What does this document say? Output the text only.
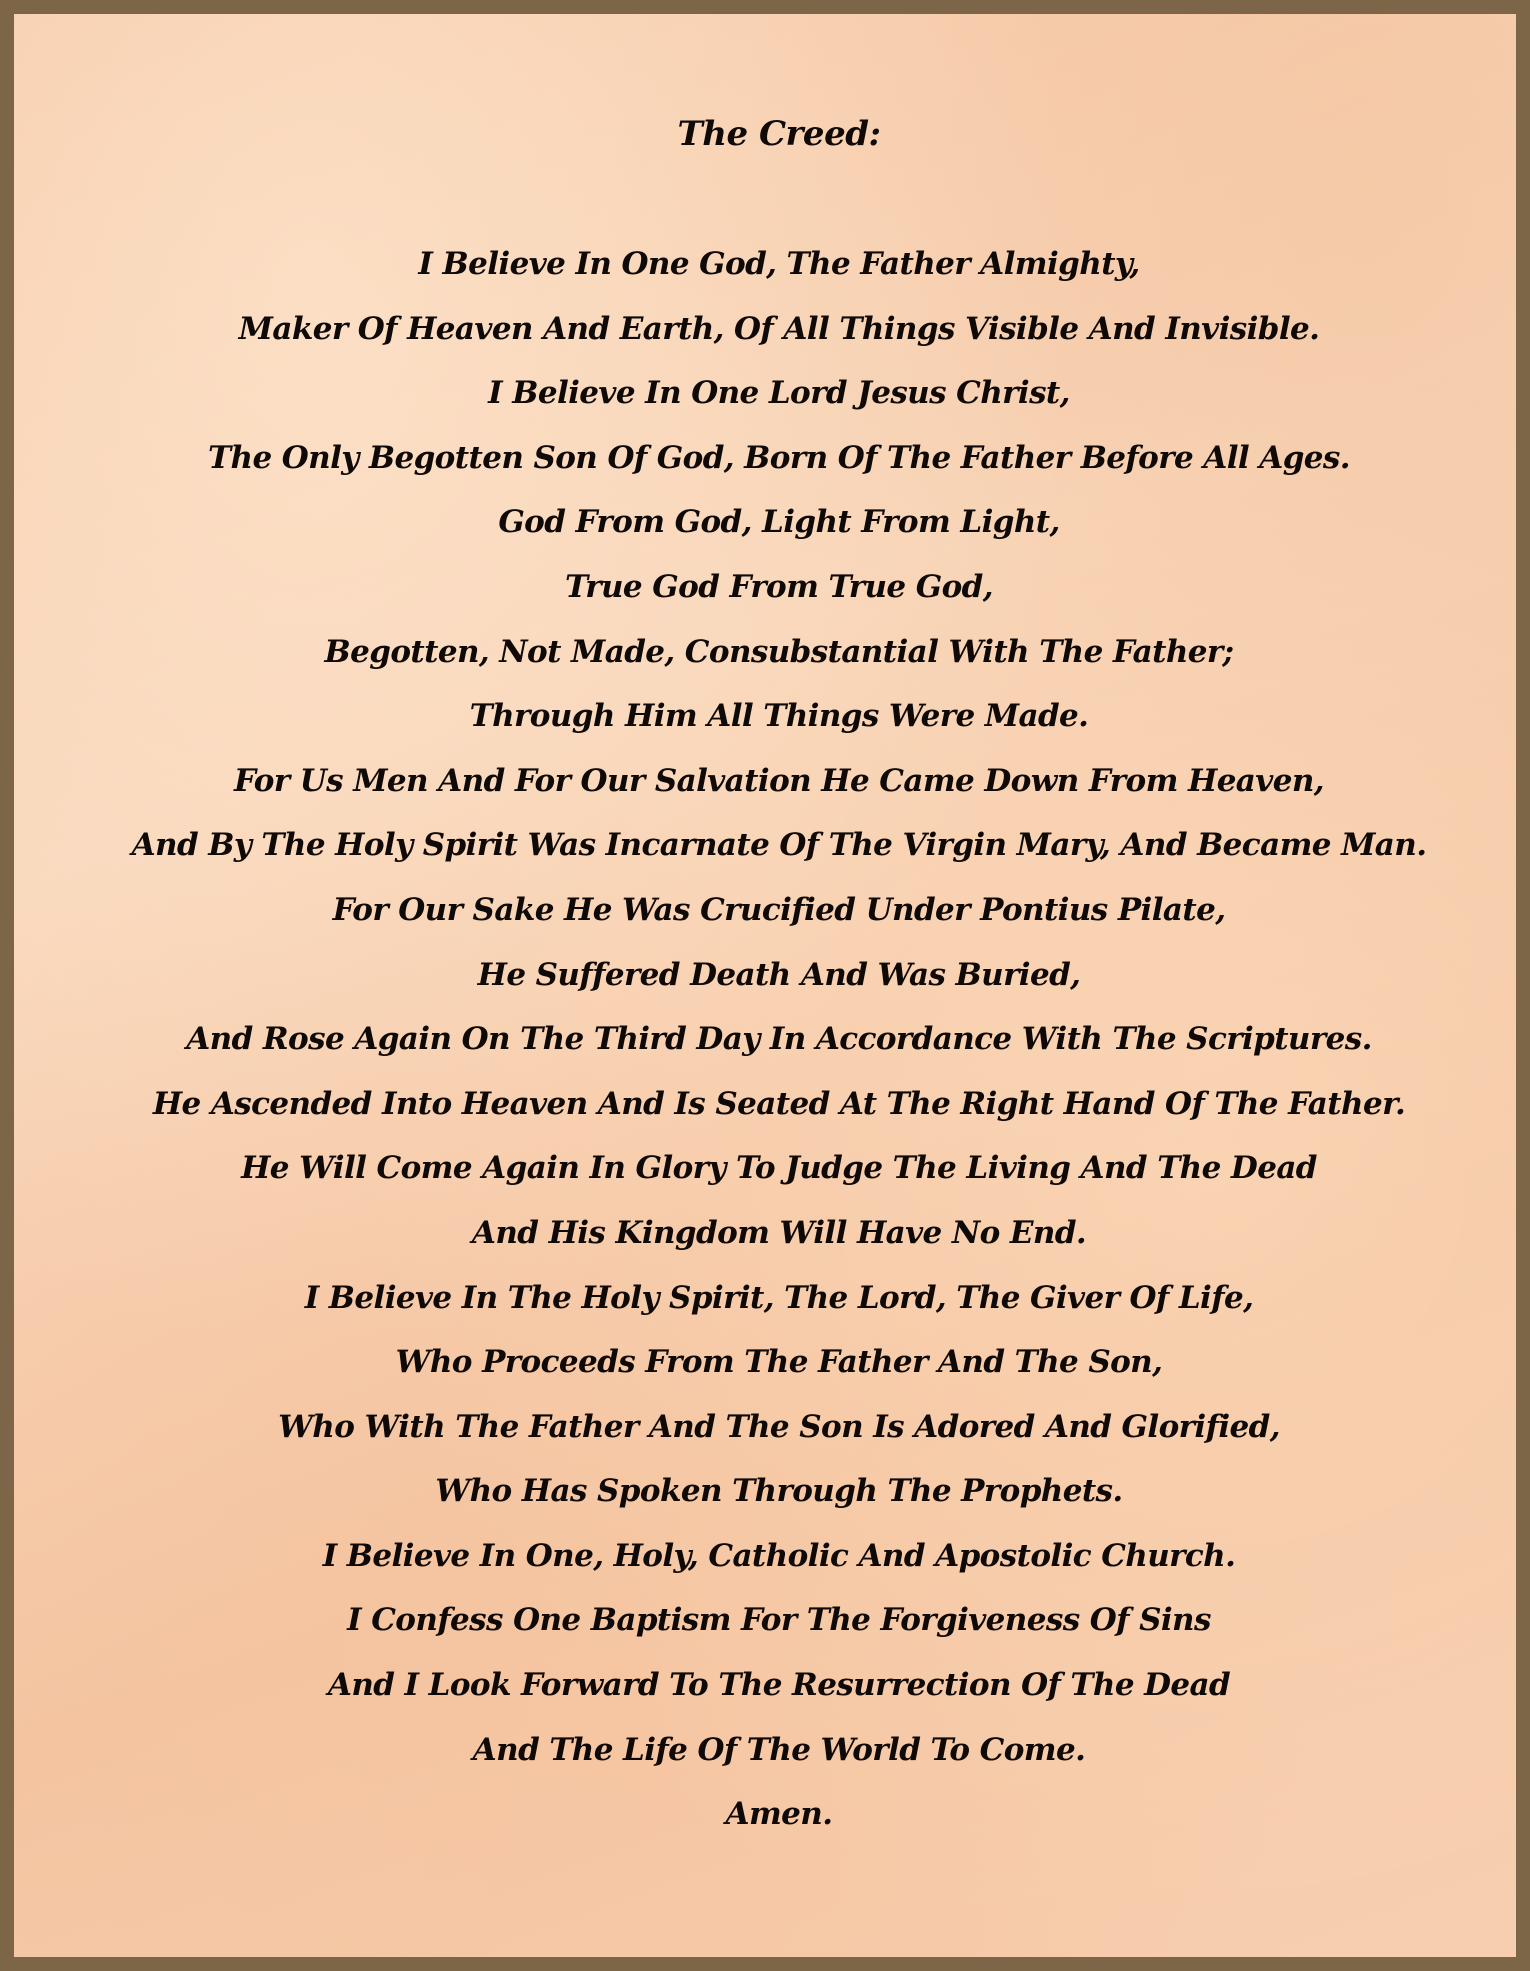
The Creed:
I Believe In One God, The Father Almighty,
Maker Of Heaven And Earth, Of All Things Visible And Invisible.
I Believe In One Lord Jesus Christ,
The Only Begotten Son Of God, Born Of The Father Before All Ages.
God From God, Light From Light,
True God From True God,
Begotten, Not Made, Consubstantial With The Father;
Through Him All Things Were Made.
For Us Men And For Our Salvation He Came Down From Heaven,
And By The Holy Spirit Was Incarnate Of The Virgin Mary, And Became Man.
For Our Sake He Was Crucified Under Pontius Pilate,
He Suffered Death And Was Buried,
And Rose Again On The Third Day In Accordance With The Scriptures.
He Ascended Into Heaven And Is Seated At The Right Hand Of The Father.
He Will Come Again In Glory To Judge The Living And The Dead
And His Kingdom Will Have No End.
I Believe In The Holy Spirit, The Lord, The Giver Of Life,
Who Proceeds From The Father And The Son,
Who With The Father And The Son Is Adored And Glorified,
Who Has Spoken Through The Prophets.
I Believe In One, Holy, Catholic And Apostolic Church.
I Confess One Baptism For The Forgiveness Of Sins
And I Look Forward To The Resurrection Of The Dead
And The Life Of The World To Come.
Amen.
